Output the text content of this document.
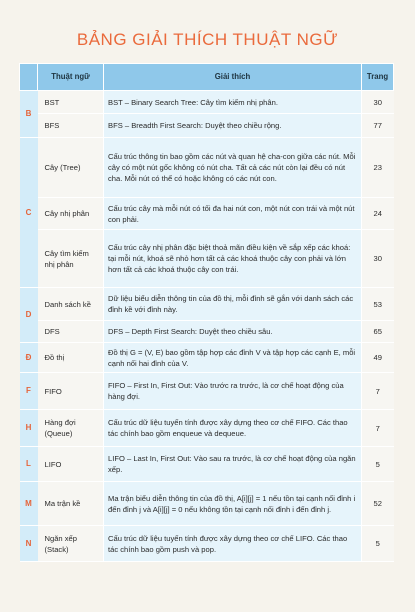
BẢNG GIẢI THÍCH THUẬT NGỮ
	Thuật ngữ	Giải thích	Trang
B	BST	BST – Binary Search Tree: Cây tìm kiếm nhị phân.	30
	BFS	BFS – Breadth First Search: Duyệt theo chiều rộng.	77
C	Cây (Tree)	Cấu trúc thông tin bao gồm các nút và quan hệ cha-con giữa các nút. Mỗi cây có một nút gốc không có nút cha. Tất cả các nút còn lại đều có nút cha. Mỗi nút có thể có hoặc không có các nút con.	23
	Cây nhị phân	Cấu trúc cây mà mỗi nút có tối đa hai nút con, một nút con trái và một nút con phải.	24
	Cây tìm kiếm nhị phân	Cấu trúc cây nhị phân đặc biệt thoả mãn điều kiện về sắp xếp các khoá: tại mỗi nút, khoá sẽ nhỏ hơn tất cả các khoá thuộc cây con phải và lớn hơn tất cả các khoá thuộc cây con trái.	30
D	Danh sách kề	Dữ liệu biểu diễn thông tin của đồ thị, mỗi đỉnh sẽ gắn với danh sách các đỉnh kề với đỉnh này.	53
	DFS	DFS – Depth First Search: Duyệt theo chiều sâu.	65
Đ	Đồ thị	Đồ thị G = (V, E) bao gồm tập hợp các đỉnh V và tập hợp các cạnh E, mỗi cạnh nối hai đỉnh của V.	49
F	FIFO	FIFO – First In, First Out: Vào trước ra trước, là cơ chế hoạt động của hàng đợi.	7
H	Hàng đợi (Queue)	Cấu trúc dữ liệu tuyến tính được xây dựng theo cơ chế FIFO. Các thao tác chính bao gồm enqueue và dequeue.	7
L	LIFO	LIFO – Last In, First Out: Vào sau ra trước, là cơ chế hoạt động của ngăn xếp.	5
M	Ma trận kề	Ma trận biểu diễn thông tin của đồ thị, A[i][j] = 1 nếu tồn tại cạnh nối đỉnh i đến đỉnh j và A[i][j] = 0 nếu không tồn tại cạnh nối đỉnh i đến đỉnh j.	52
N	Ngăn xếp (Stack)	Cấu trúc dữ liệu tuyến tính được xây dựng theo cơ chế LIFO. Các thao tác chính bao gồm push và pop.	5
